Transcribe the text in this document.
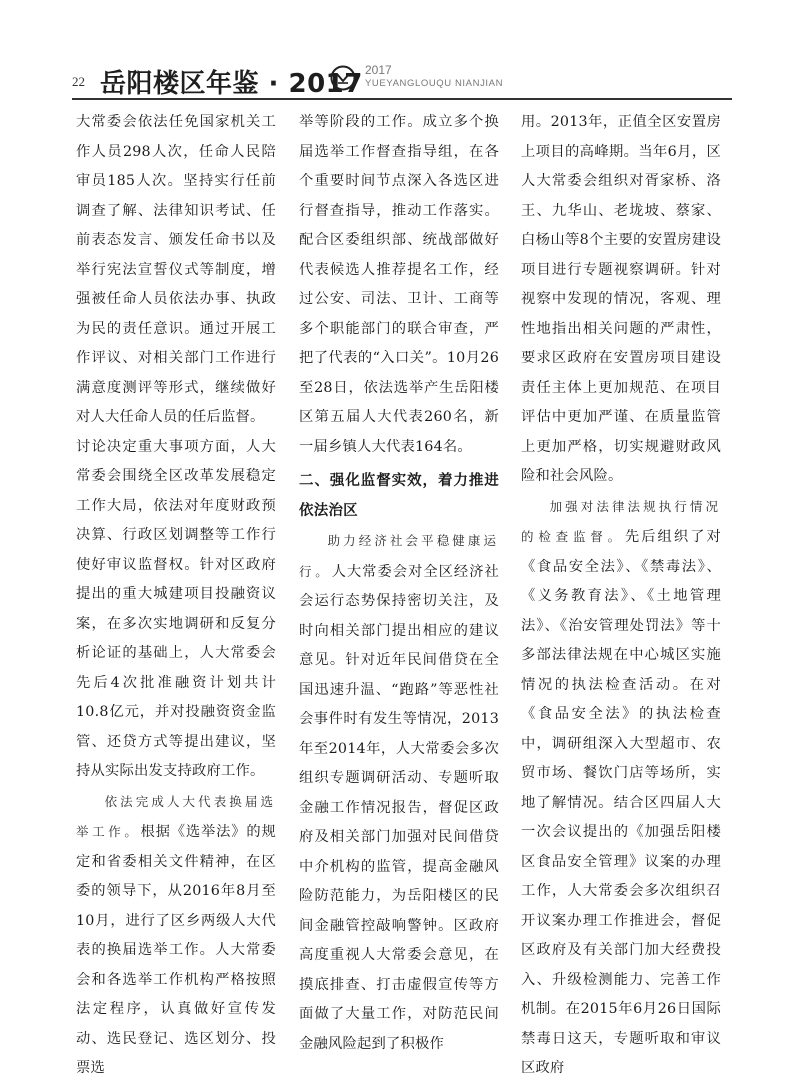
22 岳阳楼区年鉴 · 2017 2017
YUEYANGLOUQU NIANJIAN

大常委会依法任免国家机关工作人员298人次，任命人民陪审员185人次。坚持实行任前调查了解、法律知识考试、任前表态发言、颁发任命书以及举行宪法宣誓仪式等制度，增强被任命人员依法办事、执政为民的责任意识。通过开展工作评议、对相关部门工作进行满意度测评等形式，继续做好对人大任命人员的任后监督。

讨论决定重大事项方面，人大常委会围绕全区改革发展稳定工作大局，依法对年度财政预决算、行政区划调整等工作行使好审议监督权。针对区政府提出的重大城建项目投融资议案，在多次实地调研和反复分析论证的基础上，人大常委会先后4次批准融资计划共计10.8亿元，并对投融资资金监管、还贷方式等提出建议，坚持从实际出发支持政府工作。

依法完成人大代表换届选举工作。根据《选举法》的规定和省委相关文件精神，在区委的领导下，从2016年8月至10月，进行了区乡两级人大代表的换届选举工作。人大常委会和各选举工作机构严格按照法定程序，认真做好宣传发动、选民登记、选区划分、投票选

举等阶段的工作。成立多个换届选举工作督查指导组，在各个重要时间节点深入各选区进行督查指导，推动工作落实。配合区委组织部、统战部做好代表候选人推荐提名工作，经过公安、司法、卫计、工商等多个职能部门的联合审查，严把了代表的“入口关”。10月26至28日，依法选举产生岳阳楼区第五届人大代表260名，新一届乡镇人大代表164名。

二、强化监督实效，着力推进依法治区

助力经济社会平稳健康运行。人大常委会对全区经济社会运行态势保持密切关注，及时向相关部门提出相应的建议意见。针对近年民间借贷在全国迅速升温、“跑路”等恶性社会事件时有发生等情况，2013年至2014年，人大常委会多次组织专题调研活动、专题听取金融工作情况报告，督促区政府及相关部门加强对民间借贷中介机构的监管，提高金融风险防范能力，为岳阳楼区的民间金融管控敲响警钟。区政府高度重视人大常委会意见，在摸底排查、打击虚假宣传等方面做了大量工作，对防范民间金融风险起到了积极作

用。2013年，正值全区安置房上项目的高峰期。当年6月，区人大常委会组织对胥家桥、洛王、九华山、老垅坡、蔡家、白杨山等8个主要的安置房建设项目进行专题视察调研。针对视察中发现的情况，客观、理性地指出相关问题的严肃性，要求区政府在安置房项目建设责任主体上更加规范、在项目评估中更加严谨、在质量监管上更加严格，切实规避财政风险和社会风险。

加强对法律法规执行情况的检查监督。先后组织了对《食品安全法》、《禁毒法》、《义务教育法》、《土地管理法》、《治安管理处罚法》等十多部法律法规在中心城区实施情况的执法检查活动。在对《食品安全法》的执法检查中，调研组深入大型超市、农贸市场、餐饮门店等场所，实地了解情况。结合区四届人大一次会议提出的《加强岳阳楼区食品安全管理》议案的办理工作，人大常委会多次组织召开议案办理工作推进会，督促区政府及有关部门加大经费投入、升级检测能力、完善工作机制。在2015年6月26日国际禁毒日这天，专题听取和审议区政府
